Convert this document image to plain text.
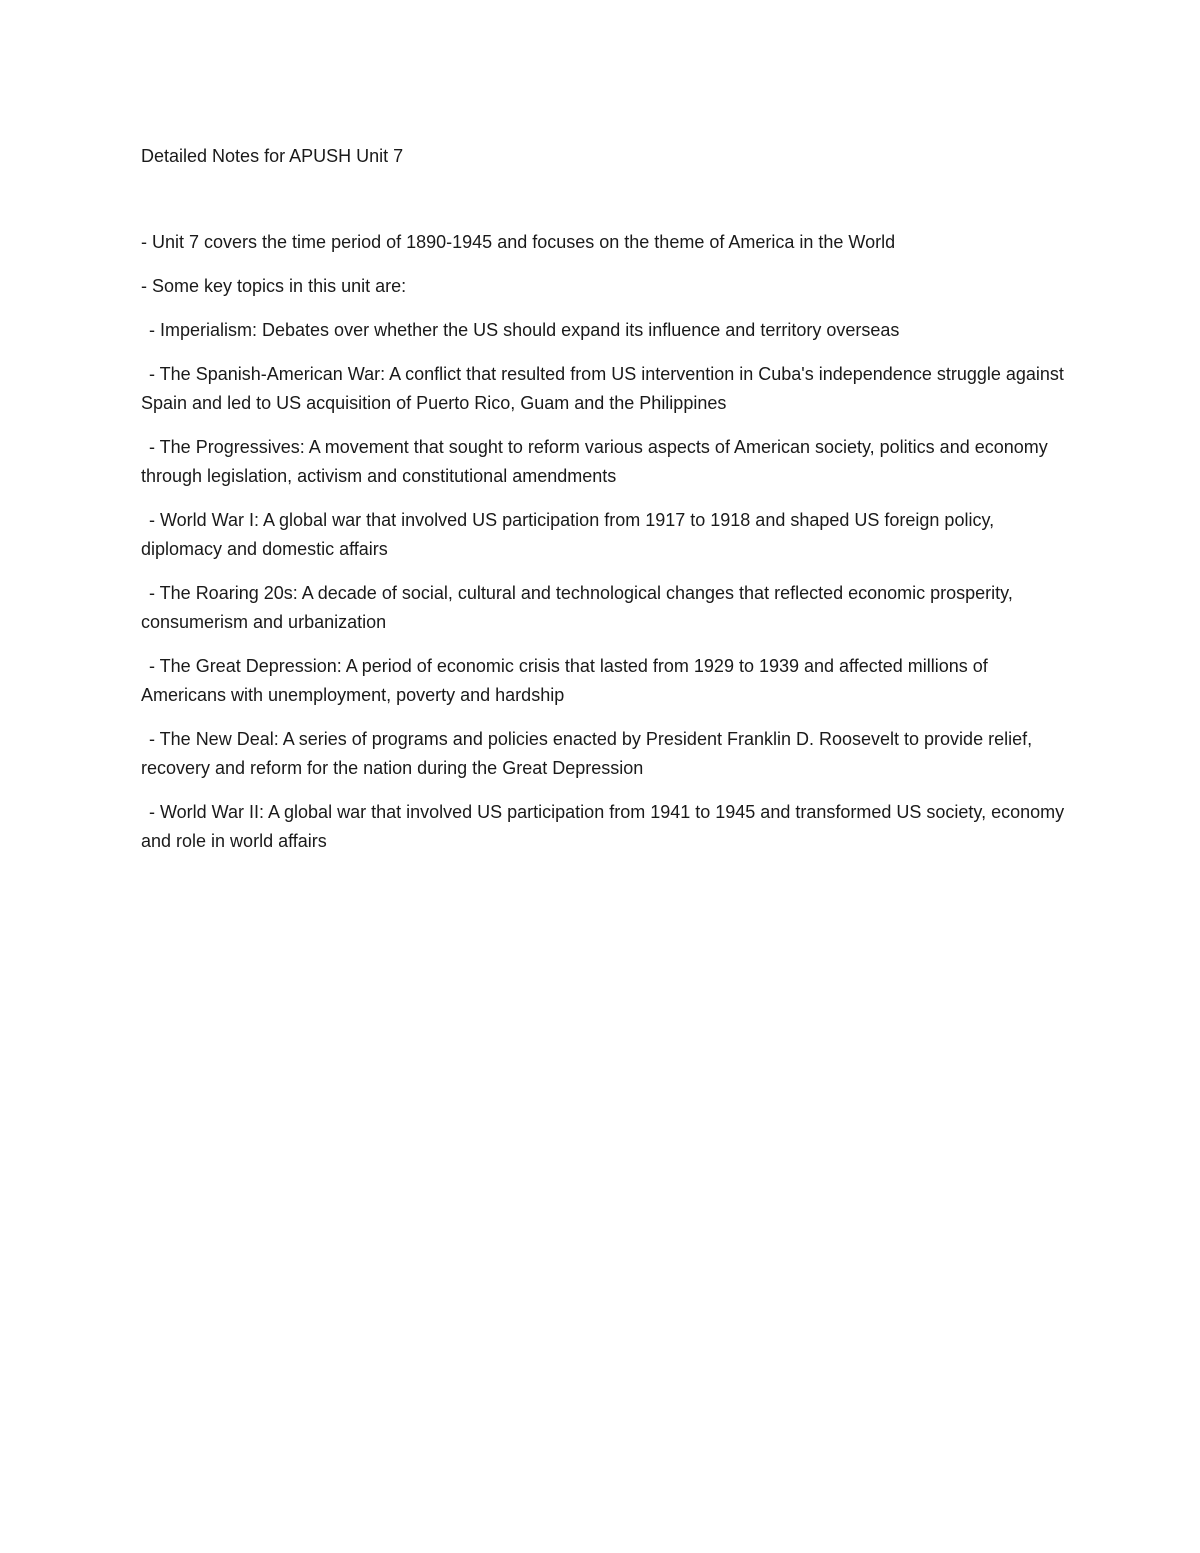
Detailed Notes for APUSH Unit 7

- Unit 7 covers the time period of 1890-1945 and focuses on the theme of America in the World

- Some key topics in this unit are:

- Imperialism: Debates over whether the US should expand its influence and territory overseas

- The Spanish-American War: A conflict that resulted from US intervention in Cuba's independence struggle against Spain and led to US acquisition of Puerto Rico, Guam and the Philippines

- The Progressives: A movement that sought to reform various aspects of American society, politics and economy through legislation, activism and constitutional amendments

- World War I: A global war that involved US participation from 1917 to 1918 and shaped US foreign policy, diplomacy and domestic affairs

- The Roaring 20s: A decade of social, cultural and technological changes that reflected economic prosperity, consumerism and urbanization

- The Great Depression: A period of economic crisis that lasted from 1929 to 1939 and affected millions of Americans with unemployment, poverty and hardship

- The New Deal: A series of programs and policies enacted by President Franklin D. Roosevelt to provide relief, recovery and reform for the nation during the Great Depression

- World War II: A global war that involved US participation from 1941 to 1945 and transformed US society, economy and role in world affairs
